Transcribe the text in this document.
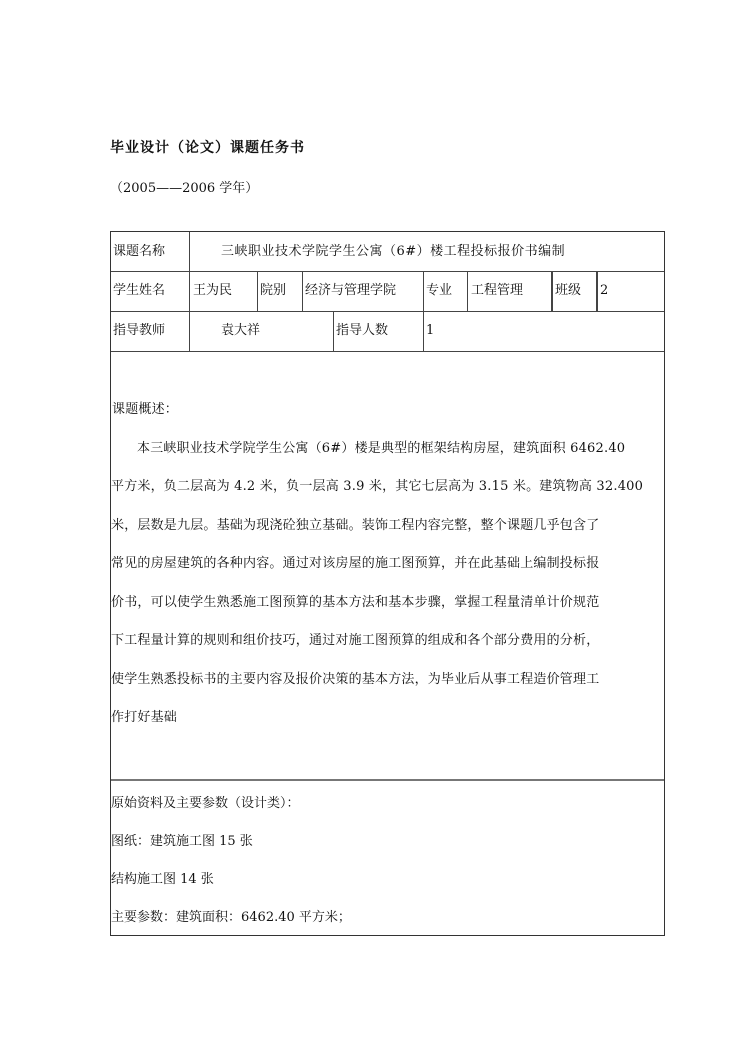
毕业设计（论文）课题任务书
（2005——2006 学年）
课题名称	三峡职业技术学院学生公寓（6#）楼工程投标报价书编制
学生姓名 王为民 院别 经济与管理学院 专业 工程管理 班级 2
指导教师	袁大祥	指导人数	1
课题概述：
本三峡职业技术学院学生公寓（6#）楼是典型的框架结构房屋，建筑面积 6462.40
平方米，负二层高为 4.2 米，负一层高 3.9 米，其它七层高为 3.15 米。建筑物高 32.400
米，层数是九层。基础为现浇砼独立基础。装饰工程内容完整，整个课题几乎包含了
常见的房屋建筑的各种内容。通过对该房屋的施工图预算，并在此基础上编制投标报
价书，可以使学生熟悉施工图预算的基本方法和基本步骤，掌握工程量清单计价规范
下工程量计算的规则和组价技巧，通过对施工图预算的组成和各个部分费用的分析，
使学生熟悉投标书的主要内容及报价决策的基本方法，为毕业后从事工程造价管理工
作打好基础
原始资料及主要参数（设计类）：
图纸：建筑施工图 15 张
结构施工图 14 张
主要参数：建筑面积：6462.40 平方米；
